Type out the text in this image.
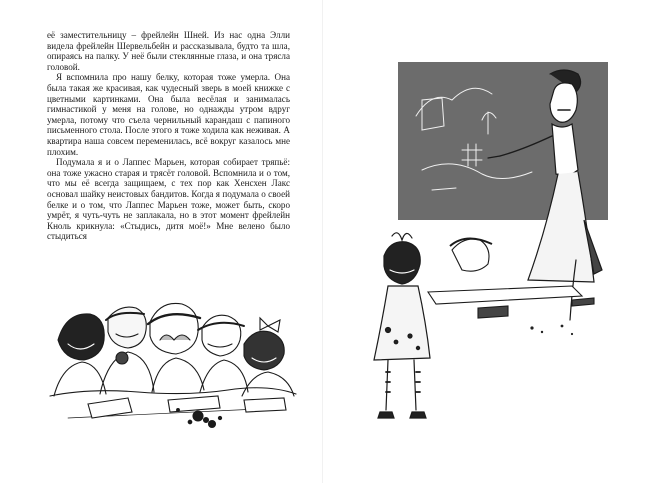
её заместительницу – фрейлейн Шней. Из нас одна Элли видела фрейлейн Шервельбейн и рассказывала, будто та шла, опираясь на палку. У неё были стеклянные глаза, и она трясла головой.

Я вспомнила про нашу белку, которая тоже умерла. Она была такая же красивая, как чудесный зверь в моей книжке с цветными картинками. Она была весёлая и занималась гимнастикой у меня на голове, но однажды утром вдруг умерла, потому что съела чернильный карандаш с папиного письменного стола. После этого я тоже ходила как неживая. А квартира наша совсем переменилась, всё вокруг казалось мне плохим.

Подумала я и о Лаппес Марьен, которая собирает тряпьё: она тоже ужасно старая и трясёт головой. Вспомнила и о том, что мы её всегда защищаем, с тех пор как Хенсхен Лакс основал шайку неистовых бандитов. Когда я подумала о своей белке и о том, что Лаппес Марьен тоже, может быть, скоро умрёт, я чуть-чуть не заплакала, но в этот момент фрейлейн Кноль крикнула: «Стыдись, дитя моё!» Мне велено было стыдиться
